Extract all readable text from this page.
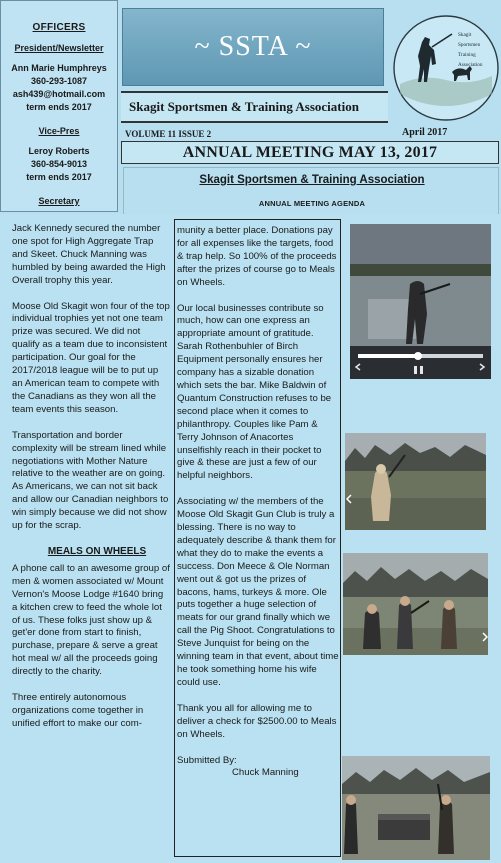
OFFICERS
President/Newsletter
Ann Marie Humphreys
360-293-1087
ash439@hotmail.com
term ends 2017
Vice-Pres
Leroy Roberts
360-854-9013
term ends 2017
Secretary
~ SSTA ~
Skagit Sportsmen & Training Association
VOLUME 11 ISSUE 2	April 2017
Skagit
Sportsmen
Training
Association
ANNUAL MEETING MAY 13, 2017
Skagit Sportsmen & Training Association
ANNUAL MEETING AGENDA

Jack Kennedy secured the number one spot for High Aggregate Trap and Skeet. Chuck Manning was humbled by being awarded the High Overall trophy this year.

Moose Old Skagit won four of the top individual trophies yet not one team prize was secured. We did not qualify as a team due to inconsistent participation. Our goal for the 2017/2018 league will be to put up an American team to compete with the Canadians as they won all the team events this season.

Transportation and border complexity will be stream lined while negotiations with Mother Nature relative to the weather are on going. As Americans, we can not sit back and allow our Canadian neighbors to win simply because we did not show up for the scrap.

MEALS ON WHEELS

A phone call to an awesome group of men & women associated w/ Mount Vernon's Moose Lodge #1640 bring a kitchen crew to feed the whole lot of us. These folks just show up & get'er done from start to finish, purchase, prepare & serve a great hot meal w/ all the proceeds going directly to the charity.

Three entirely autonomous organizations come together in unified effort to make our com-

munity a better place. Donations pay for all expenses like the targets, food & trap help. So 100% of the proceeds after the prizes of course go to Meals on Wheels.

Our local businesses contribute so much, how can one express an appropriate amount of gratitude. Sarah Rothenbuhler of Birch Equipment personally ensures her company has a sizable donation which sets the bar. Mike Baldwin of Quantum Construction refuses to be second place when it comes to philanthropy. Couples like Pam & Terry Johnson of Anacortes unselfishly reach in their pocket to give & these are just a few of our helpful neighbors.

Associating w/ the members of the Moose Old Skagit Gun Club is truly a blessing. There is no way to adequately describe & thank them for what they do to make the events a success. Don Meece & Ole Norman went out & got us the prizes of bacons, hams, turkeys & more. Ole puts together a huge selection of meats for our grand finally which we call the Pig Shoot. Congratulations to Steve Junquist for being on the winning team in that event, about time he took something home his wife could use.

Thank you all for allowing me to deliver a check for $2500.00 to Meals on Wheels.

Submitted By:
Chuck Manning
